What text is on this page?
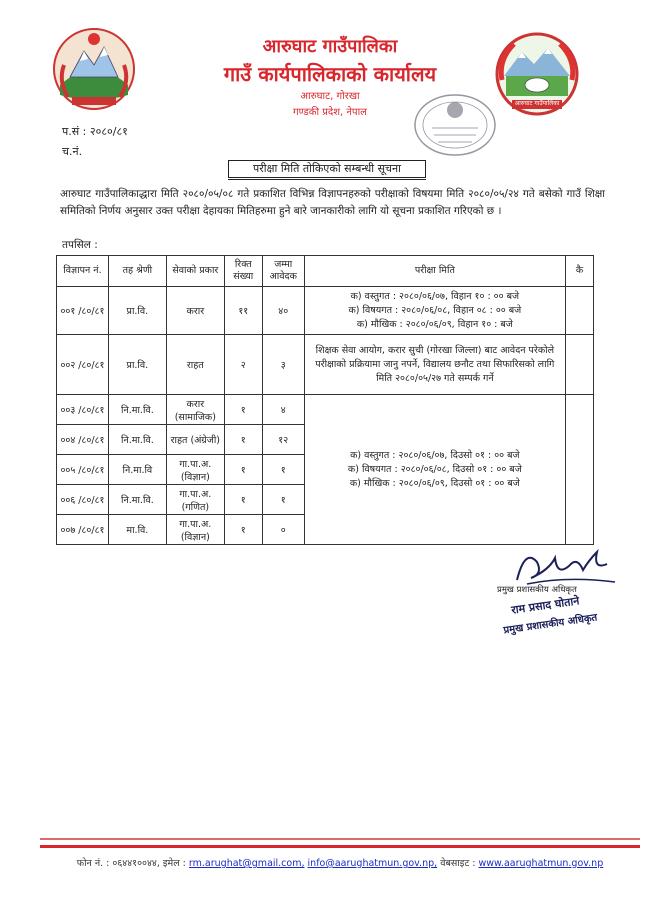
आरुघाट गाउँपालिका
आरुघाट गाउँपालिका
गाउँ कार्यपालिकाको कार्यालय
आरुघाट, गोरखा
गण्डकी प्रदेश, नेपाल
प.सं : २०८०/८१
च.नं.
परीक्षा मिति तोकिएको सम्बन्धी सूचना
आरुघाट गाउँपालिकाद्धारा मिति २०८०/०५/०८ गते प्रकाशित विभिन्न विज्ञापनहरुको परीक्षाको विषयमा मिति २०८०/०५/२४ गते बसेको गाउँ शिक्षा समितिको निर्णय अनुसार उक्त परीक्षा देहायका मितिहरुमा हुने बारे जानकारीको लागि यो सूचना प्रकाशित गरिएको छ ।
तपसिल :
विज्ञापन नं.	तह श्रेणी	सेवाको प्रकार	रिक्त संख्या	जम्मा आवेदक	परीक्षा मिति	कै
००१ /८०/८१	प्रा.वि.	करार	११	४०	क) वस्तुगत : २०८०/०६/०७, विहान १० : ०० बजे
क) विषयगत : २०८०/०६/०८, विहान ०८ : ०० बजे
क) मौखिक : २०८०/०६/०९, विहान १० : बजे	

००२ /८०/८१	प्रा.वि.	राहत	२	३	शिक्षक सेवा आयोग, करार सुची (गोरखा जिल्ला) बाट आवेदन परेकोले परीक्षाको प्रक्रियामा जानु नपर्ने, विद्यालय छनौट तथा सिफारिसको लागि मिति २०८०/०५/२७ गते सम्पर्क गर्ने	
००३ /८०/८१	नि.मा.वि.	करार (सामाजिक)	१	४	क) वस्तुगत : २०८०/०६/०७, दिउसो ०१ : ०० बजे
क) विषयगत : २०८०/०६/०८, दिउसो ०१ : ०० बजे
क) मौखिक : २०८०/०६/०९, दिउसो ०१ : ०० बजे	

००४ /८०/८१	नि.मा.वि.	राहत (अंग्रेजी)	१	१२		
००५ /८०/८१	नि.मा.वि	गा.पा.अ. (विज्ञान)	१	१		
००६ /८०/८१	नि.मा.वि.	गा.पा.अ. (गणित)	१	१		
००७ /८०/८१	मा.वि.	गा.पा.अ. (विज्ञान)	१	०		
प्रमुख प्रशासकीय अधिकृत
राम प्रसाद घोताने
प्रमुख प्रशासकीय अधिकृत
फोन नं. : ०६४४१००४४, इमेल : rm.arughat@gmail.com, info@aarughatmun.gov.np, वेबसाइट : www.aarughatmun.gov.np
